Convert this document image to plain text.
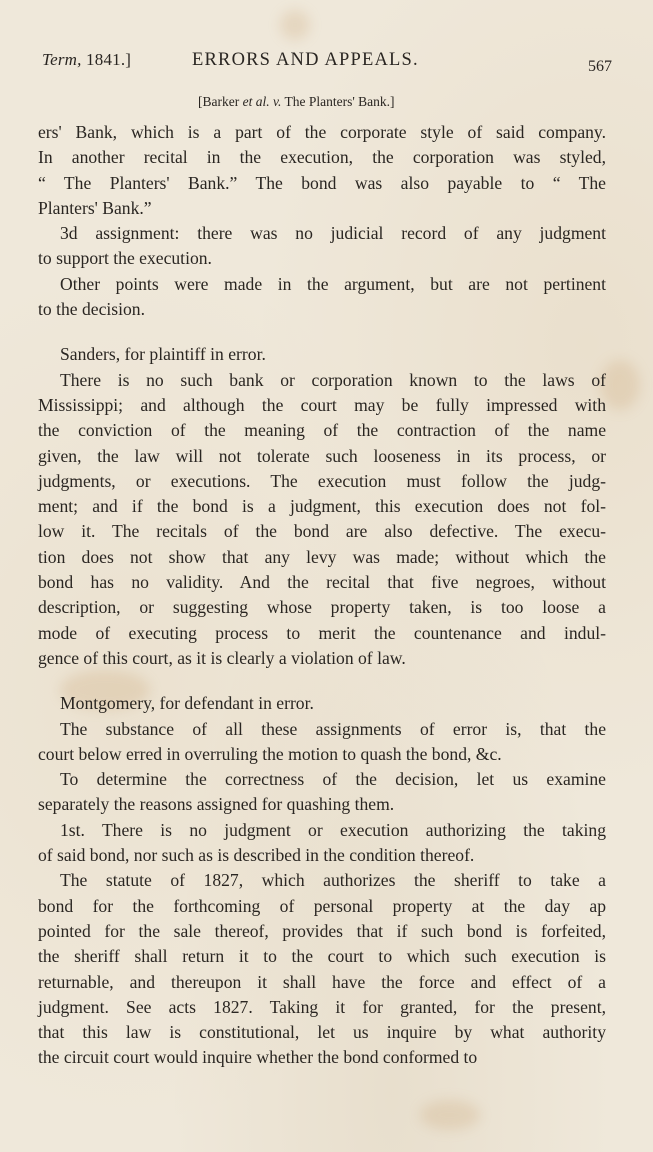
Term, 1841.]	ERRORS AND APPEALS.	567
[Barker et al. v. The Planters' Bank.]
ers' Bank, which is a part of the corporate style of said company.
In another recital in the execution, the corporation was styled,
“ The Planters' Bank.” The bond was also payable to “ The
Planters' Bank.”
3d assignment: there was no judicial record of any judgment
to support the execution.
Other points were made in the argument, but are not pertinent
to the decision.
Sanders, for plaintiff in error.
There is no such bank or corporation known to the laws of
Mississippi; and although the court may be fully impressed with
the conviction of the meaning of the contraction of the name
given, the law will not tolerate such looseness in its process, or
judgments, or executions. The execution must follow the judg-
ment; and if the bond is a judgment, this execution does not fol-
low it. The recitals of the bond are also defective. The execu-
tion does not show that any levy was made; without which the
bond has no validity. And the recital that five negroes, without
description, or suggesting whose property taken, is too loose a
mode of executing process to merit the countenance and indul-
gence of this court, as it is clearly a violation of law.
Montgomery, for defendant in error.
The substance of all these assignments of error is, that the
court below erred in overruling the motion to quash the bond, &c.
To determine the correctness of the decision, let us examine
separately the reasons assigned for quashing them.
1st. There is no judgment or execution authorizing the taking
of said bond, nor such as is described in the condition thereof.
The statute of 1827, which authorizes the sheriff to take a
bond for the forthcoming of personal property at the day ap
pointed for the sale thereof, provides that if such bond is forfeited,
the sheriff shall return it to the court to which such execution is
returnable, and thereupon it shall have the force and effect of a
judgment. See acts 1827. Taking it for granted, for the present,
that this law is constitutional, let us inquire by what authority
the circuit court would inquire whether the bond conformed to
